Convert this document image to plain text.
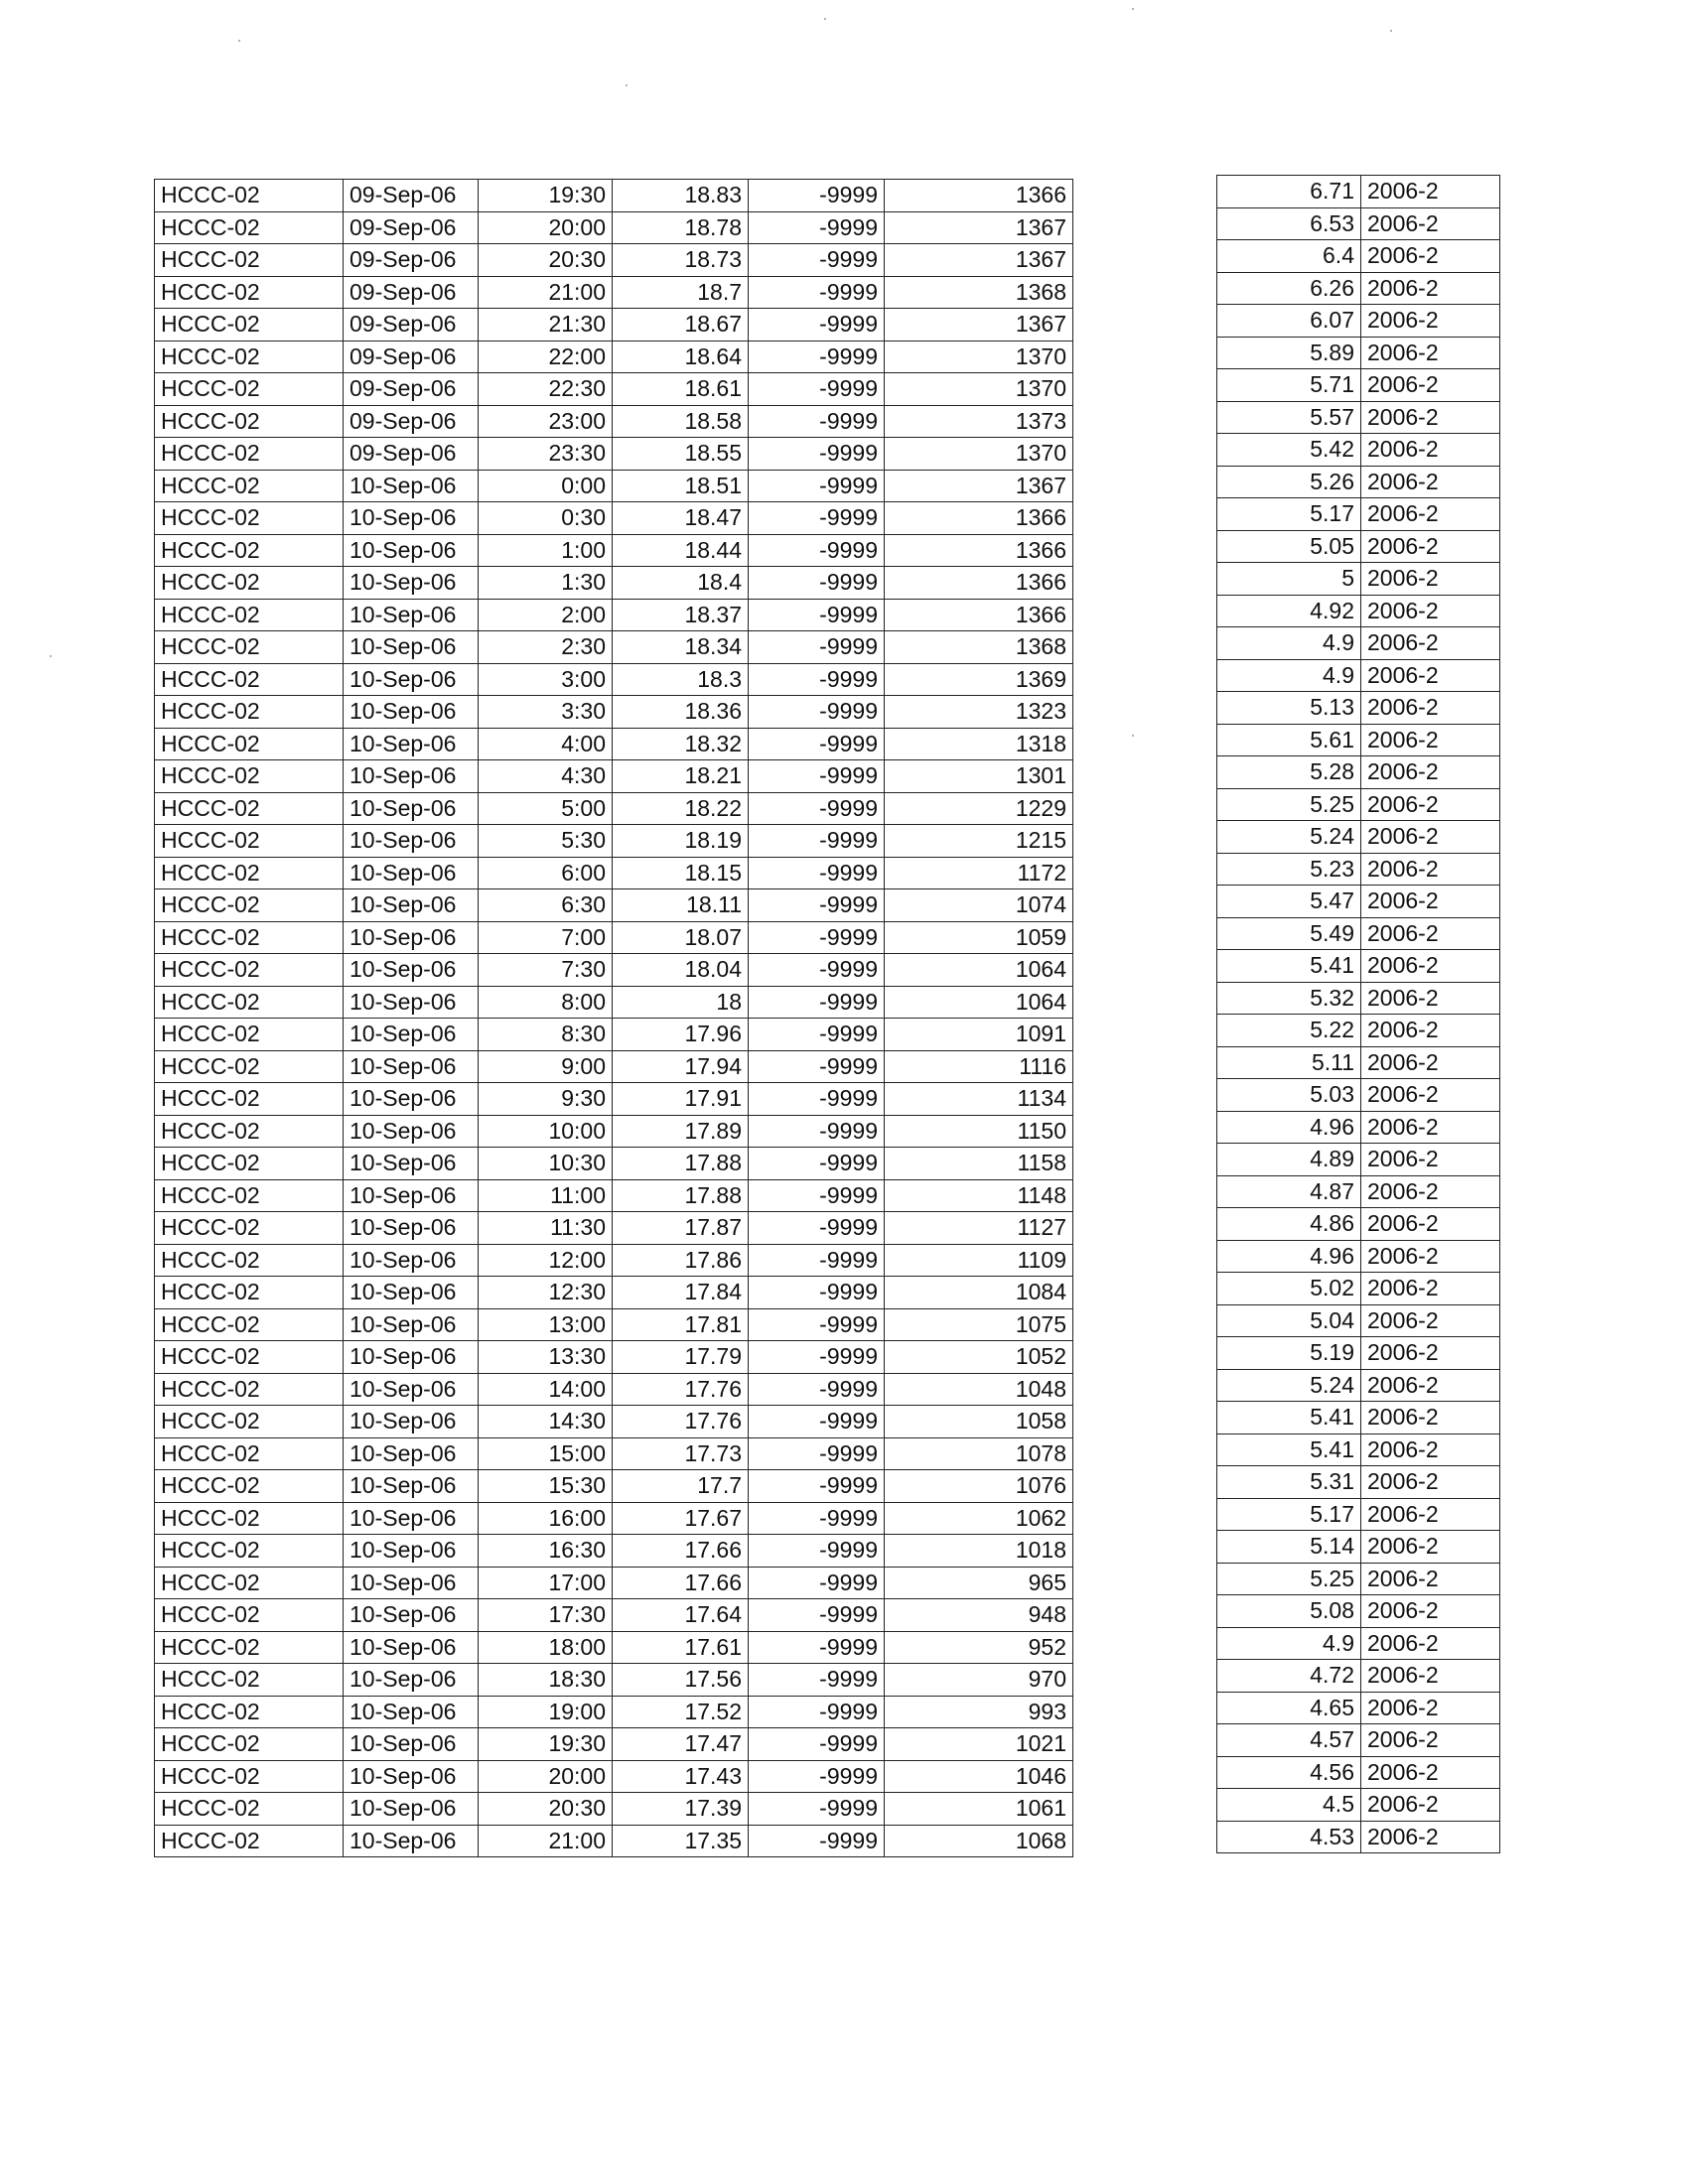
HCCC-02	09-Sep-06	19:30	18.83	-9999	1366
HCCC-02	09-Sep-06	20:00	18.78	-9999	1367
HCCC-02	09-Sep-06	20:30	18.73	-9999	1367
HCCC-02	09-Sep-06	21:00	18.7	-9999	1368
HCCC-02	09-Sep-06	21:30	18.67	-9999	1367
HCCC-02	09-Sep-06	22:00	18.64	-9999	1370
HCCC-02	09-Sep-06	22:30	18.61	-9999	1370
HCCC-02	09-Sep-06	23:00	18.58	-9999	1373
HCCC-02	09-Sep-06	23:30	18.55	-9999	1370
HCCC-02	10-Sep-06	0:00	18.51	-9999	1367
HCCC-02	10-Sep-06	0:30	18.47	-9999	1366
HCCC-02	10-Sep-06	1:00	18.44	-9999	1366
HCCC-02	10-Sep-06	1:30	18.4	-9999	1366
HCCC-02	10-Sep-06	2:00	18.37	-9999	1366
HCCC-02	10-Sep-06	2:30	18.34	-9999	1368
HCCC-02	10-Sep-06	3:00	18.3	-9999	1369
HCCC-02	10-Sep-06	3:30	18.36	-9999	1323
HCCC-02	10-Sep-06	4:00	18.32	-9999	1318
HCCC-02	10-Sep-06	4:30	18.21	-9999	1301
HCCC-02	10-Sep-06	5:00	18.22	-9999	1229
HCCC-02	10-Sep-06	5:30	18.19	-9999	1215
HCCC-02	10-Sep-06	6:00	18.15	-9999	1172
HCCC-02	10-Sep-06	6:30	18.11	-9999	1074
HCCC-02	10-Sep-06	7:00	18.07	-9999	1059
HCCC-02	10-Sep-06	7:30	18.04	-9999	1064
HCCC-02	10-Sep-06	8:00	18	-9999	1064
HCCC-02	10-Sep-06	8:30	17.96	-9999	1091
HCCC-02	10-Sep-06	9:00	17.94	-9999	1116
HCCC-02	10-Sep-06	9:30	17.91	-9999	1134
HCCC-02	10-Sep-06	10:00	17.89	-9999	1150
HCCC-02	10-Sep-06	10:30	17.88	-9999	1158
HCCC-02	10-Sep-06	11:00	17.88	-9999	1148
HCCC-02	10-Sep-06	11:30	17.87	-9999	1127
HCCC-02	10-Sep-06	12:00	17.86	-9999	1109
HCCC-02	10-Sep-06	12:30	17.84	-9999	1084
HCCC-02	10-Sep-06	13:00	17.81	-9999	1075
HCCC-02	10-Sep-06	13:30	17.79	-9999	1052
HCCC-02	10-Sep-06	14:00	17.76	-9999	1048
HCCC-02	10-Sep-06	14:30	17.76	-9999	1058
HCCC-02	10-Sep-06	15:00	17.73	-9999	1078
HCCC-02	10-Sep-06	15:30	17.7	-9999	1076
HCCC-02	10-Sep-06	16:00	17.67	-9999	1062
HCCC-02	10-Sep-06	16:30	17.66	-9999	1018
HCCC-02	10-Sep-06	17:00	17.66	-9999	965
HCCC-02	10-Sep-06	17:30	17.64	-9999	948
HCCC-02	10-Sep-06	18:00	17.61	-9999	952
HCCC-02	10-Sep-06	18:30	17.56	-9999	970
HCCC-02	10-Sep-06	19:00	17.52	-9999	993
HCCC-02	10-Sep-06	19:30	17.47	-9999	1021
HCCC-02	10-Sep-06	20:00	17.43	-9999	1046
HCCC-02	10-Sep-06	20:30	17.39	-9999	1061
HCCC-02	10-Sep-06	21:00	17.35	-9999	1068
6.71	2006-2
6.53	2006-2
6.4	2006-2
6.26	2006-2
6.07	2006-2
5.89	2006-2
5.71	2006-2
5.57	2006-2
5.42	2006-2
5.26	2006-2
5.17	2006-2
5.05	2006-2
5	2006-2
4.92	2006-2
4.9	2006-2
4.9	2006-2
5.13	2006-2
5.61	2006-2
5.28	2006-2
5.25	2006-2
5.24	2006-2
5.23	2006-2
5.47	2006-2
5.49	2006-2
5.41	2006-2
5.32	2006-2
5.22	2006-2
5.11	2006-2
5.03	2006-2
4.96	2006-2
4.89	2006-2
4.87	2006-2
4.86	2006-2
4.96	2006-2
5.02	2006-2
5.04	2006-2
5.19	2006-2
5.24	2006-2
5.41	2006-2
5.41	2006-2
5.31	2006-2
5.17	2006-2
5.14	2006-2
5.25	2006-2
5.08	2006-2
4.9	2006-2
4.72	2006-2
4.65	2006-2
4.57	2006-2
4.56	2006-2
4.5	2006-2
4.53	2006-2
